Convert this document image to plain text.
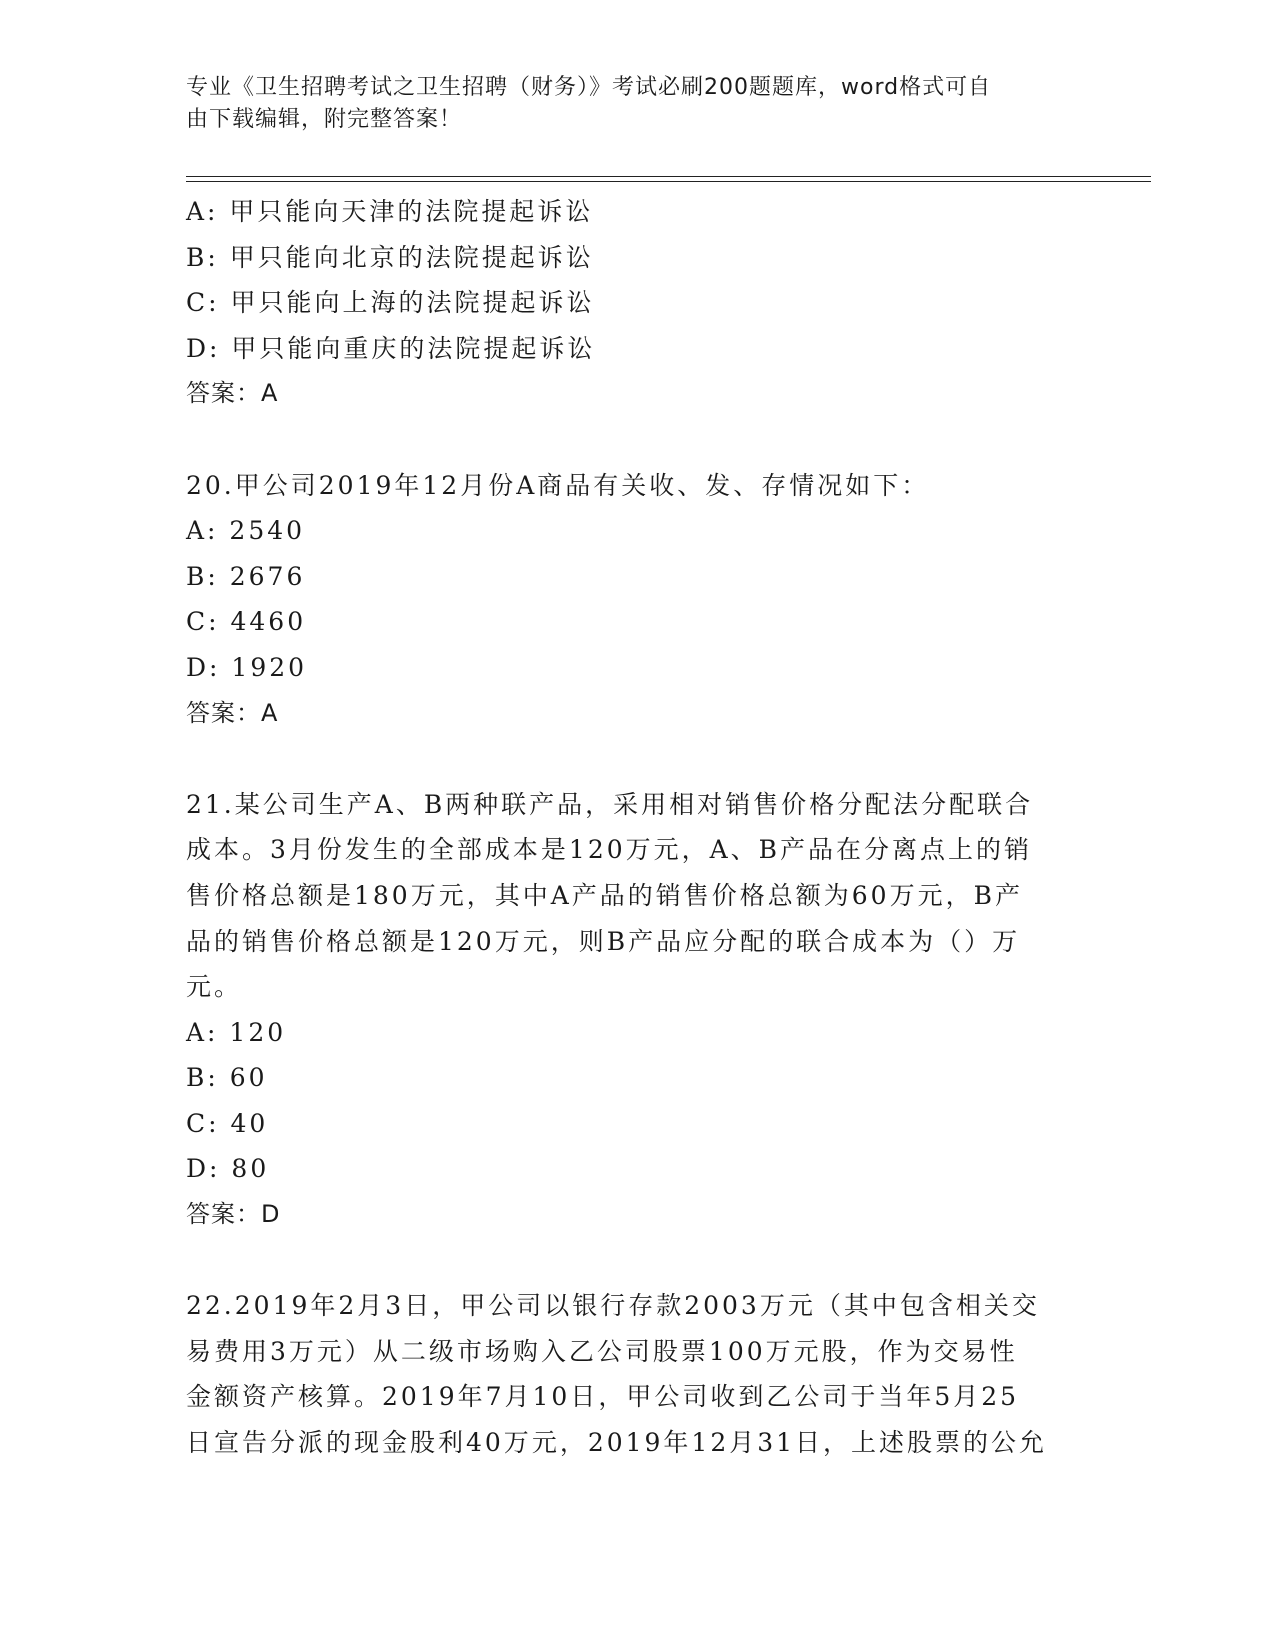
专业《卫生招聘考试之卫生招聘（财务）》考试必刷200题题库，word格式可自
由下载编辑，附完整答案！
A: 甲只能向天津的法院提起诉讼
B: 甲只能向北京的法院提起诉讼
C: 甲只能向上海的法院提起诉讼
D: 甲只能向重庆的法院提起诉讼
答案：A
20.甲公司2019年12月份A商品有关收、发、存情况如下：
A: 2540
B: 2676
C: 4460
D: 1920
答案：A
21.某公司生产A、B两种联产品，采用相对销售价格分配法分配联合
成本。3月份发生的全部成本是120万元，A、B产品在分离点上的销
售价格总额是180万元，其中A产品的销售价格总额为60万元，B产
品的销售价格总额是120万元，则B产品应分配的联合成本为（）万
元。
A: 120
B: 60
C: 40
D: 80
答案：D
22.2019年2月3日，甲公司以银行存款2003万元（其中包含相关交
易费用3万元）从二级市场购入乙公司股票100万元股，作为交易性
金额资产核算。2019年7月10日，甲公司收到乙公司于当年5月25
日宣告分派的现金股利40万元，2019年12月31日，上述股票的公允
